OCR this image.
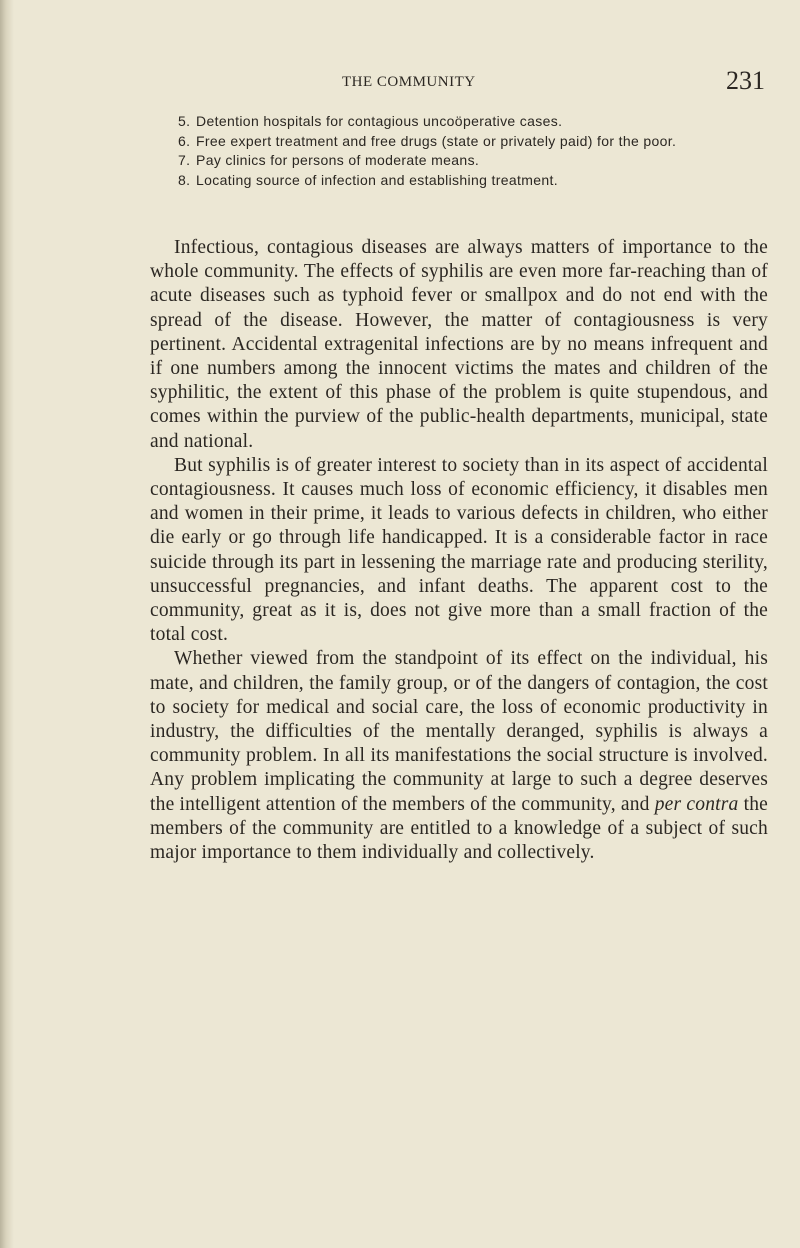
THE COMMUNITY	231
5. Detention hospitals for contagious uncoöperative cases.
6. Free expert treatment and free drugs (state or privately paid) for the poor.
7. Pay clinics for persons of moderate means.
8. Locating source of infection and establishing treatment.

Infectious, contagious diseases are always matters of importance to the whole community. The effects of syphilis are even more far-reaching than of acute diseases such as typhoid fever or smallpox and do not end with the spread of the disease. However, the matter of contagiousness is very pertinent. Accidental extragenital infections are by no means infrequent and if one numbers among the innocent victims the mates and children of the syphilitic, the extent of this phase of the problem is quite stupendous, and comes within the purview of the public-health departments, municipal, state and national.

But syphilis is of greater interest to society than in its aspect of accidental contagiousness. It causes much loss of economic efficiency, it disables men and women in their prime, it leads to various defects in children, who either die early or go through life handicapped. It is a considerable factor in race suicide through its part in lessening the marriage rate and producing sterility, unsuccessful pregnancies, and infant deaths. The apparent cost to the community, great as it is, does not give more than a small fraction of the total cost.

Whether viewed from the standpoint of its effect on the individual, his mate, and children, the family group, or of the dangers of contagion, the cost to society for medical and social care, the loss of economic productivity in industry, the difficulties of the mentally deranged, syphilis is always a community problem. In all its manifestations the social structure is involved. Any problem implicating the community at large to such a degree deserves the intelligent attention of the members of the community, and per contra the members of the community are entitled to a knowledge of a subject of such major importance to them individually and collectively.
